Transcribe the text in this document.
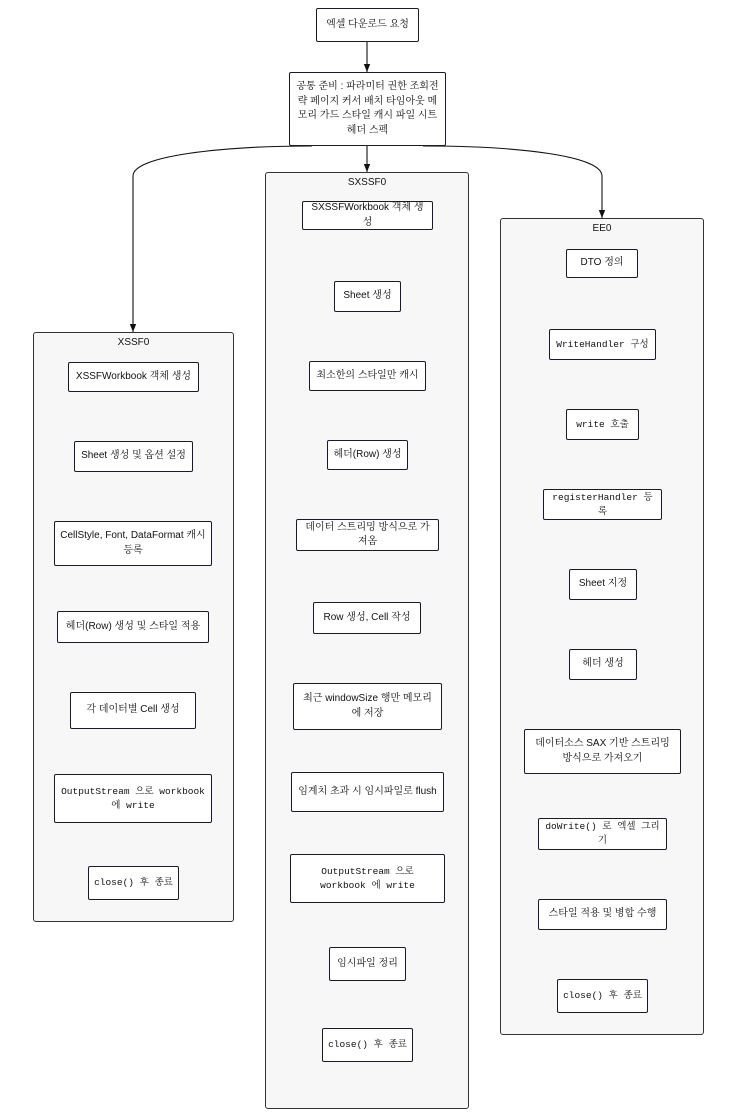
엑셀 다운로드 요청
공통 준비 : 파라미터 권한 조회전략 페이지 커서 배치 타임아웃 메모리 가드 스타일 캐시 파일 시트 헤더 스펙
XSSF0
XSSFWorkbook 객체 생성
Sheet 생성 및 옵션 설정
CellStyle, Font, DataFormat 캐시 등록
헤더(Row) 생성 및 스타일 적용
각 데이터별 Cell 생성
OutputStream 으로 workbook 에 write
close() 후 종료
SXSSF0
SXSSFWorkbook 객체 생성
Sheet 생성
최소한의 스타일만 캐시
헤더(Row) 생성
데이터 스트리밍 방식으로 가져옴
Row 생성, Cell 작성
최근 windowSize 행만 메모리에 저장
임계치 초과 시 임시파일로 flush
OutputStream 으로 workbook 에 write
임시파일 정리
close() 후 종료
EE0
DTO 정의
WriteHandler 구성
write 호출
registerHandler 등록
Sheet 지정
헤더 생성
데이터소스 SAX 기반 스트리밍 방식으로 가져오기
doWrite() 로 엑셀 그리기
스타일 적용 및 병합 수행
close() 후 종료
